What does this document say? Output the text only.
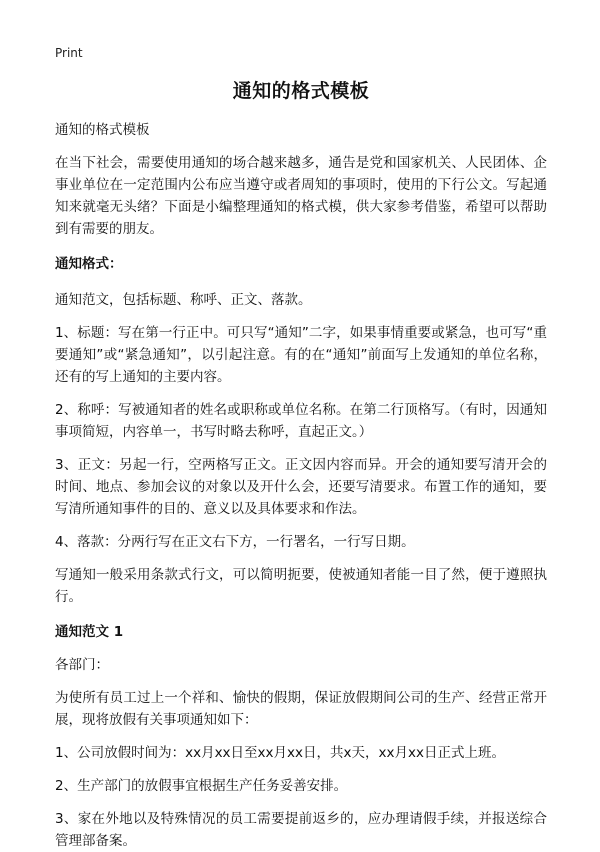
Print
通知的格式模板

通知的格式模板

在当下社会，需要使用通知的场合越来越多，通告是党和国家机关、人民团体、企事业单位在一定范围内公布应当遵守或者周知的事项时，使用的下行公文。写起通知来就毫无头绪？下面是小编整理通知的格式模，供大家参考借鉴，希望可以帮助到有需要的朋友。

通知格式：

通知范文，包括标题、称呼、正文、落款。

1、标题：写在第一行正中。可只写“通知”二字，如果事情重要或紧急，也可写“重要通知”或“紧急通知”，以引起注意。有的在“通知”前面写上发通知的单位名称，还有的写上通知的主要内容。

2、称呼：写被通知者的姓名或职称或单位名称。在第二行顶格写。（有时，因通知事项简短，内容单一，书写时略去称呼，直起正文。）

3、正文：另起一行，空两格写正文。正文因内容而异。开会的通知要写清开会的时间、地点、参加会议的对象以及开什么会，还要写清要求。布置工作的通知，要写清所通知事件的目的、意义以及具体要求和作法。

4、落款：分两行写在正文右下方，一行署名，一行写日期。

写通知一般采用条款式行文，可以简明扼要，使被通知者能一目了然，便于遵照执行。

通知范文 1

各部门：

为使所有员工过上一个祥和、愉快的假期，保证放假期间公司的生产、经营正常开展，现将放假有关事项通知如下：

1、公司放假时间为：xx月xx日至xx月xx日，共x天，xx月xx日正式上班。

2、生产部门的放假事宜根据生产任务妥善安排。

3、家在外地以及特殊情况的员工需要提前返乡的，应办理请假手续，并报送综合管理部备案。
